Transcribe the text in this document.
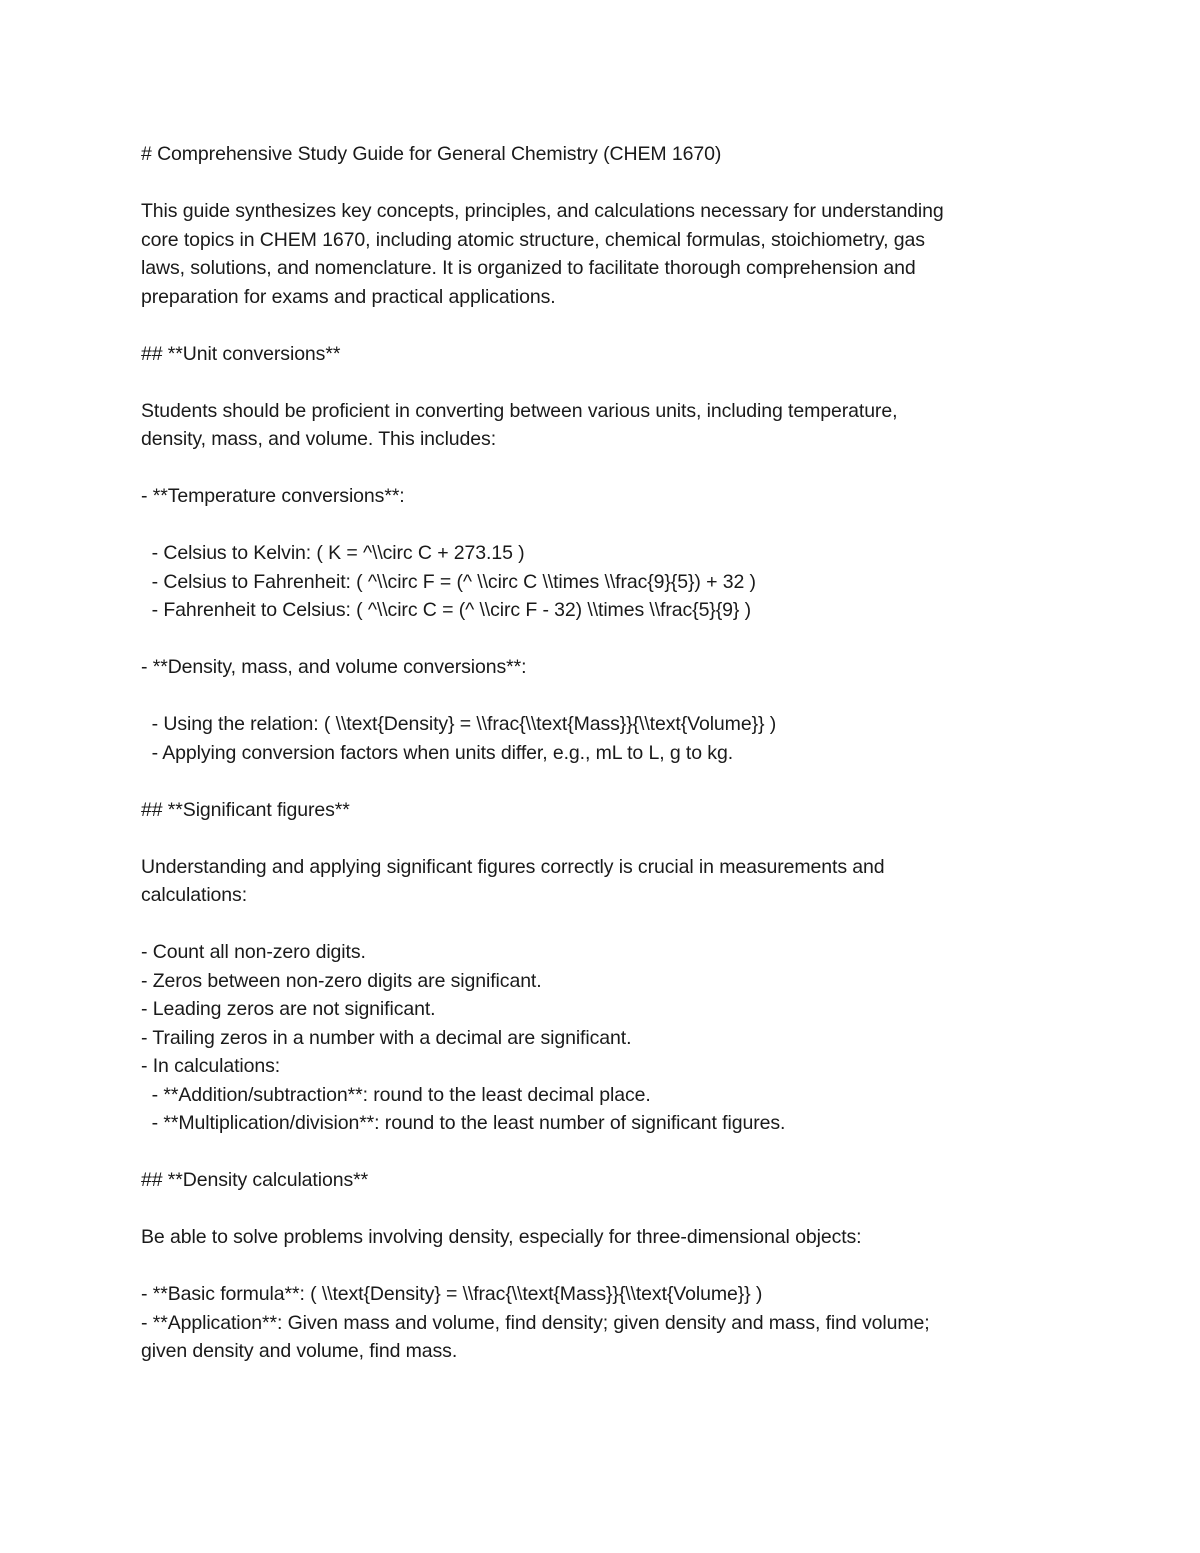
# Comprehensive Study Guide for General Chemistry (CHEM 1670)
This guide synthesizes key concepts, principles, and calculations necessary for understanding
core topics in CHEM 1670, including atomic structure, chemical formulas, stoichiometry, gas
laws, solutions, and nomenclature. It is organized to facilitate thorough comprehension and
preparation for exams and practical applications.
## **Unit conversions**
Students should be proficient in converting between various units, including temperature,
density, mass, and volume. This includes:
- **Temperature conversions**:
- Celsius to Kelvin: ( K = ^\\circ C + 273.15 )
- Celsius to Fahrenheit: ( ^\\circ F = (^ \\circ C \\times \\frac{9}{5}) + 32 )
- Fahrenheit to Celsius: ( ^\\circ C = (^ \\circ F - 32) \\times \\frac{5}{9} )
- **Density, mass, and volume conversions**:
- Using the relation: ( \\text{Density} = \\frac{\\text{Mass}}{\\text{Volume}} )
- Applying conversion factors when units differ, e.g., mL to L, g to kg.
## **Significant figures**
Understanding and applying significant figures correctly is crucial in measurements and
calculations:
- Count all non-zero digits.
- Zeros between non-zero digits are significant.
- Leading zeros are not significant.
- Trailing zeros in a number with a decimal are significant.
- In calculations:
- **Addition/subtraction**: round to the least decimal place.
- **Multiplication/division**: round to the least number of significant figures.
## **Density calculations**
Be able to solve problems involving density, especially for three-dimensional objects:
- **Basic formula**: ( \\text{Density} = \\frac{\\text{Mass}}{\\text{Volume}} )
- **Application**: Given mass and volume, find density; given density and mass, find volume;
given density and volume, find mass.
